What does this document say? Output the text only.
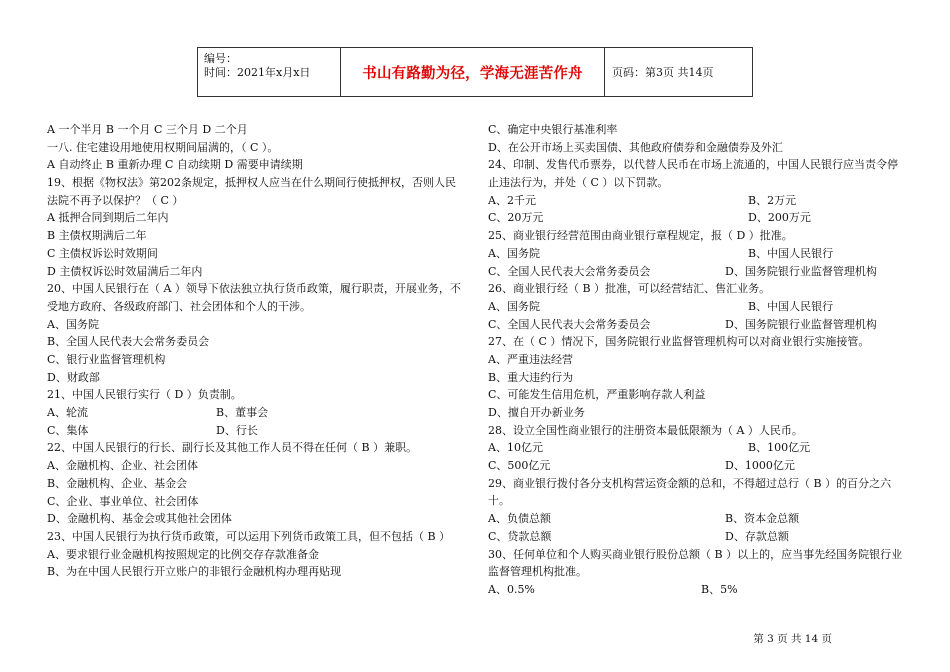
编号：
时间：2021年x月x日	书山有路勤为径，学海无涯苦作舟	页码：第3页 共14页
A 一个半月 B 一个月 C 三个月 D 二个月
一八. 住宅建设用地使用权期间届满的，（ C ）。
A 自动终止 B 重新办理 C 自动续期 D 需要申请续期
19、根据《物权法》第202条规定，抵押权人应当在什么期间行使抵押权，否则人民法院不再予以保护？（ C ）
A 抵押合同到期后二年内
B 主债权期满后二年
C 主债权诉讼时效期间
D 主债权诉讼时效届满后二年内
20、中国人民银行在（ A ）领导下依法独立执行货币政策，履行职责，开展业务，不受地方政府、各级政府部门、社会团体和个人的干涉。
A、国务院
B、全国人民代表大会常务委员会
C、银行业监督管理机构
D、财政部
21、中国人民银行实行（ D ）负责制。
A、轮流	B、董事会
C、集体	D、行长
22、中国人民银行的行长、副行长及其他工作人员不得在任何（ B ）兼职。
A、金融机构、企业、社会团体
B、金融机构、企业、基金会
C、企业、事业单位、社会团体
D、金融机构、基金会或其他社会团体
23、中国人民银行为执行货币政策，可以运用下列货币政策工具，但不包括（ B ）
A、要求银行业金融机构按照规定的比例交存存款准备金
B、为在中国人民银行开立账户的非银行金融机构办理再贴现
C、确定中央银行基准利率
D、在公开市场上买卖国债、其他政府债券和金融债券及外汇
24、印制、发售代币票券，以代替人民币在市场上流通的，中国人民银行应当责令停止违法行为，并处（ C ）以下罚款。
A、2千元	B、2万元
C、20万元	D、200万元
25、商业银行经营范围由商业银行章程规定，报（ D ）批准。
A、国务院	B、中国人民银行
C、全国人民代表大会常务委员会	D、国务院银行业监督管理机构
26、商业银行经（ B ）批准，可以经营结汇、售汇业务。
A、国务院	B、中国人民银行
C、全国人民代表大会常务委员会	D、国务院银行业监督管理机构
27、在（ C ）情况下，国务院银行业监督管理机构可以对商业银行实施接管。
A、严重违法经营
B、重大违约行为
C、可能发生信用危机，严重影响存款人利益
D、擅自开办新业务
28、设立全国性商业银行的注册资本最低限额为（ A ）人民币。
A、10亿元	B、100亿元
C、500亿元	D、1000亿元
29、商业银行拨付各分支机构营运资金额的总和，不得超过总行（ B ）的百分之六十。
A、负债总额	B、资本金总额
C、贷款总额	D、存款总额
30、任何单位和个人购买商业银行股份总额（ B ）以上的，应当事先经国务院银行业监督管理机构批准。
A、0.5%	B、5%
第 3 页 共 14 页
